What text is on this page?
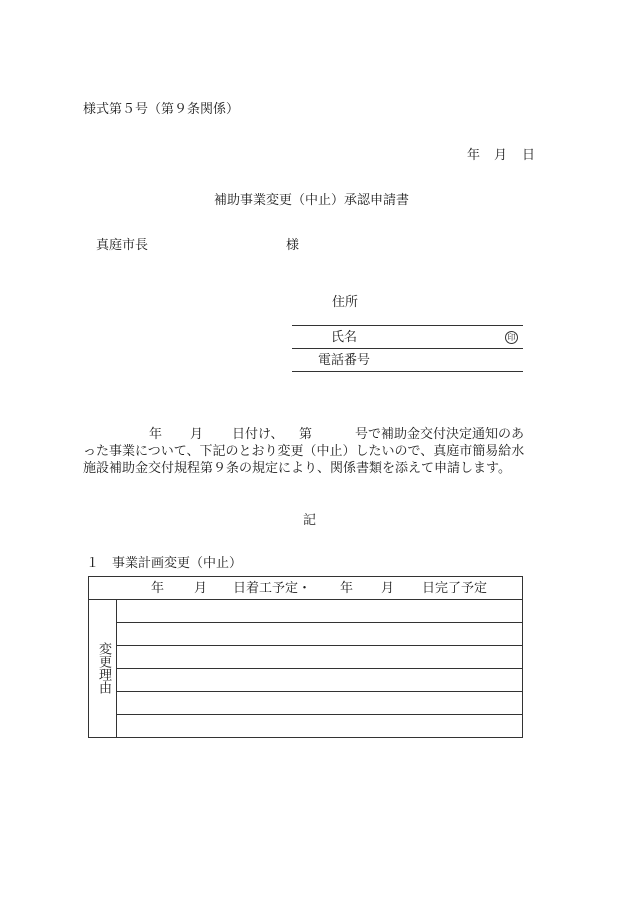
様式第５号（第９条関係）
年 月 日
補助事業変更（中止）承認申請書
真庭市長	様
住所
氏名	印
電話番号
年 月 日付け、 第	号で補助金交付決定通知のあ
った事業について、下記のとおり変更（中止）したいので、真庭市簡易給水
施設補助金交付規程第９条の規定により、関係書類を添えて申請します。
記
１　事業計画変更（中止）
年 月 日着工予定・ 年 月 日完了予定
変更理由
